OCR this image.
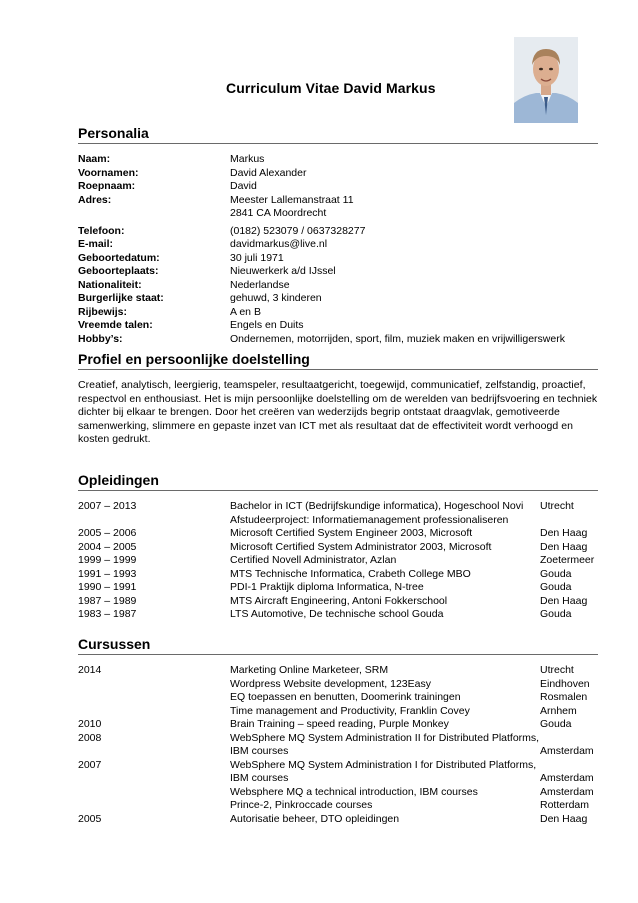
Curriculum Vitae David Markus
Personalia
Naam:	Markus
Voornamen:	David Alexander
Roepnaam:	David
Adres:	Meester Lallemanstraat 11
2841 CA Moordrecht
Telefoon:	(0182) 523079 / 0637328277
E-mail:	davidmarkus@live.nl
Geboortedatum:	30 juli 1971
Geboorteplaats:	Nieuwerkerk a/d IJssel
Nationaliteit:	Nederlandse
Burgerlijke staat:	gehuwd, 3 kinderen
Rijbewijs:	A en B
Vreemde talen:	Engels en Duits
Hobby’s:	Ondernemen, motorrijden, sport, film, muziek maken en vrijwilligerswerk
Profiel en persoonlijke doelstelling

Creatief, analytisch, leergierig, teamspeler, resultaatgericht, toegewijd, communicatief, zelfstandig, proactief,

respectvol en enthousiast. Het is mijn persoonlijke doelstelling om de werelden van bedrijfsvoering en techniek

dichter bij elkaar te brengen. Door het creëren van wederzijds begrip ontstaat draagvlak, gemotiveerde

samenwerking, slimmere en gepaste inzet van ICT met als resultaat dat de effectiviteit wordt verhoogd en

kosten gedrukt.

Opleidingen
2007 – 2013	Bachelor in ICT (Bedrijfskundige informatica), Hogeschool Novi	Utrecht
Afstudeerproject: Informatiemanagement professionaliseren
2005 – 2006	Microsoft Certified System Engineer 2003, Microsoft	Den Haag
2004 – 2005	Microsoft Certified System Administrator 2003, Microsoft	Den Haag
1999 – 1999	Certified Novell Administrator, Azlan	Zoetermeer
1991 – 1993	MTS Technische Informatica, Crabeth College MBO	Gouda
1990 – 1991	PDI-1 Praktijk diploma Informatica, N-tree	Gouda
1987 – 1989	MTS Aircraft Engineering, Antoni Fokkerschool	Den Haag
1983 – 1987	LTS Automotive, De technische school Gouda	Gouda
Cursussen
2014	Marketing Online Marketeer, SRM	Utrecht
Wordpress Website development, 123Easy	Eindhoven
EQ toepassen en benutten, Doomerink trainingen	Rosmalen
Time management and Productivity, Franklin Covey	Arnhem
2010	Brain Training – speed reading, Purple Monkey	Gouda
2008	WebSphere MQ System Administration II for Distributed Platforms,
IBM courses	Amsterdam
2007	WebSphere MQ System Administration I for Distributed Platforms,
IBM courses	Amsterdam
Websphere MQ a technical introduction, IBM courses	Amsterdam
Prince-2, Pinkroccade courses	Rotterdam
2005	Autorisatie beheer, DTO opleidingen	Den Haag
